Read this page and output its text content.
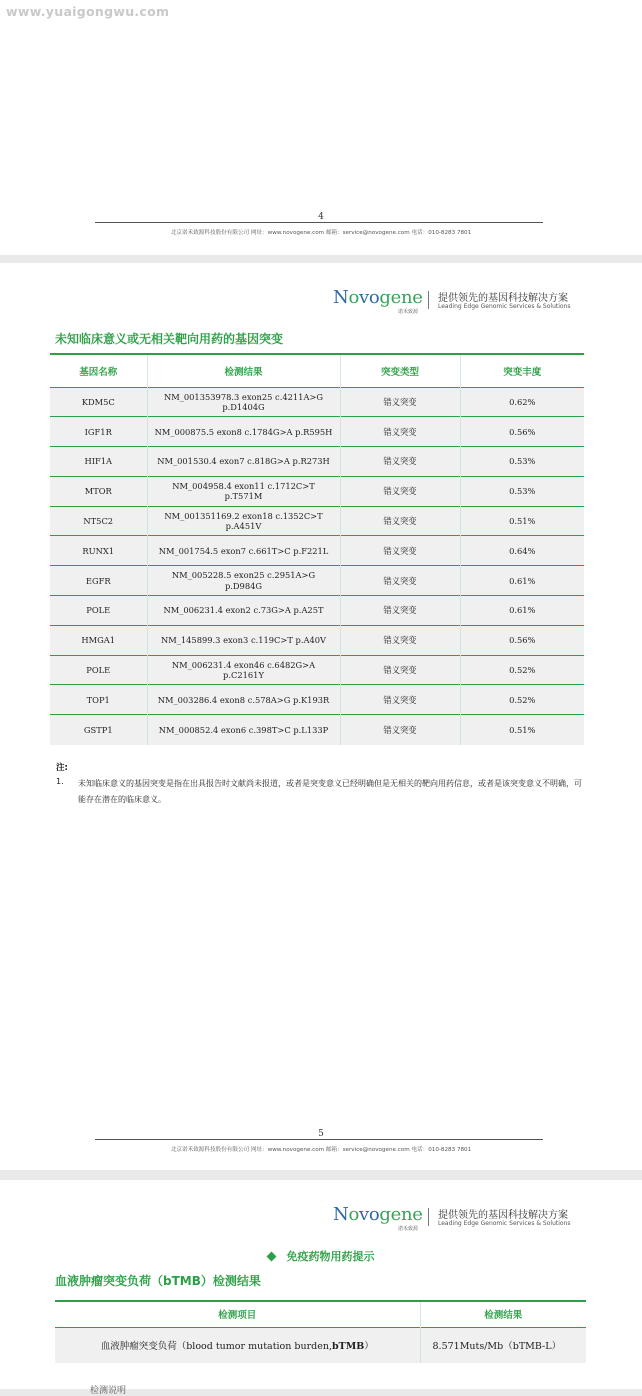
www.yuaigongwu.com
4
北京诺禾致源科技股份有限公司 网址：www.novogene.com 邮箱：service@novogene.com 电话：010-8283 7801
Novogene
诺禾致源
提供领先的基因科技解决方案
Leading Edge Genomic Services & Solutions
未知临床意义或无相关靶向用药的基因突变
基因名称	检测结果	突变类型	突变丰度
KDM5C	NM_001353978.3 exon25 c.4211A>G p.D1404G	错义突变	0.62%
IGF1R	NM_000875.5 exon8 c.1784G>A p.R595H	错义突变	0.56%
HIF1A	NM_001530.4 exon7 c.818G>A p.R273H	错义突变	0.53%
MTOR	NM_004958.4 exon11 c.1712C>T p.T571M	错义突变	0.53%
NT5C2	NM_001351169.2 exon18 c.1352C>T p.A451V	错义突变	0.51%
RUNX1	NM_001754.5 exon7 c.661T>C p.F221L	错义突变	0.64%
EGFR	NM_005228.5 exon25 c.2951A>G p.D984G	错义突变	0.61%
POLE	NM_006231.4 exon2 c.73G>A p.A25T	错义突变	0.61%
HMGA1	NM_145899.3 exon3 c.119C>T p.A40V	错义突变	0.56%
POLE	NM_006231.4 exon46 c.6482G>A p.C2161Y	错义突变	0.52%
TOP1	NM_003286.4 exon8 c.578A>G p.K193R	错义突变	0.52%
GSTP1	NM_000852.4 exon6 c.398T>C p.L133P	错义突变	0.51%
注:
1. 未知临床意义的基因突变是指在出具报告时文献尚未报道，或者是突变意义已经明确但是无相关的靶向用药信息，或者是该突变意义不明确，可能存在潜在的临床意义。
5
北京诺禾致源科技股份有限公司 网址：www.novogene.com 邮箱：service@novogene.com 电话：010-8283 7801
Novogene
诺禾致源
提供领先的基因科技解决方案
Leading Edge Genomic Services & Solutions
免疫药物用药提示
血液肿瘤突变负荷（bTMB）检测结果
检测项目	检测结果
血液肿瘤突变负荷（blood tumor mutation burden,bTMB）	8.571Muts/Mb（bTMB-L）
检测说明
